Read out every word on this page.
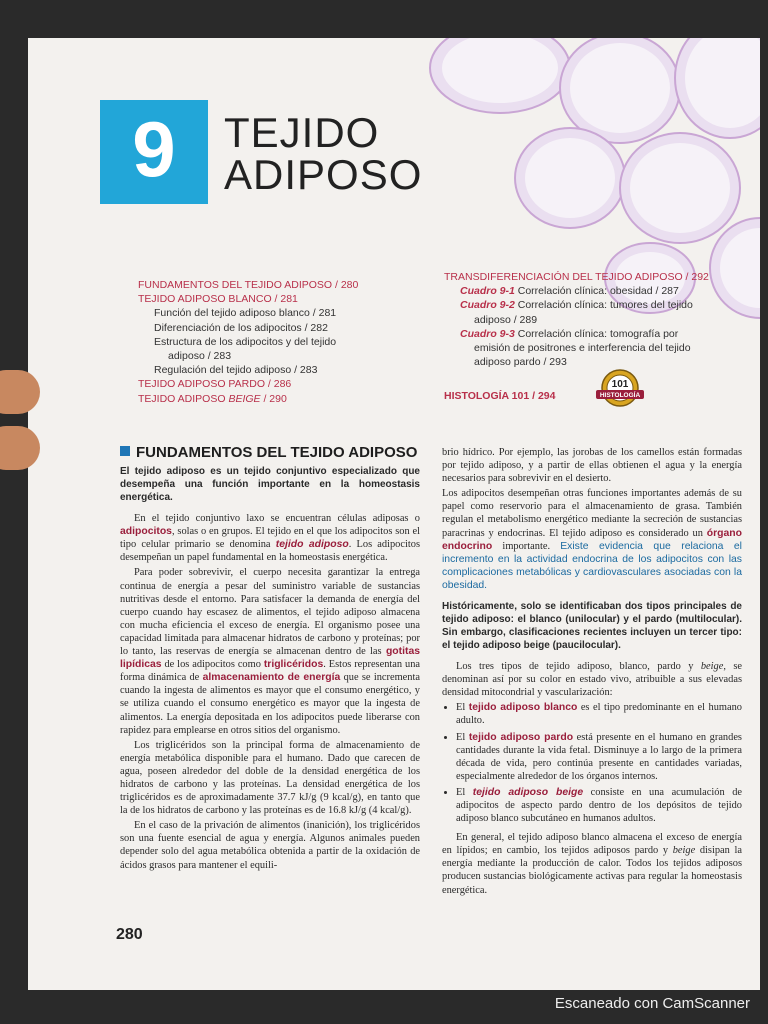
9	TEJIDO
ADIPOSO
FUNDAMENTOS DEL TEJIDO ADIPOSO / 280
TEJIDO ADIPOSO BLANCO / 281
Función del tejido adiposo blanco / 281
Diferenciación de los adipocitos / 282
Estructura de los adipocitos y del tejido
adiposo / 283
Regulación del tejido adiposo / 283
TEJIDO ADIPOSO PARDO / 286
TEJIDO ADIPOSO BEIGE / 290
TRANSDIFERENCIACIÓN DEL TEJIDO ADIPOSO / 292
Cuadro 9-1 Correlación clínica: obesidad / 287
Cuadro 9-2 Correlación clínica: tumores del tejido
adiposo / 289
Cuadro 9-3 Correlación clínica: tomografía por
emisión de positrones e interferencia del tejido
adiposo pardo / 293
HISTOLOGÍA 101 / 294
101
HISTOLOGÍA
FUNDAMENTOS DEL TEJIDO ADIPOSO
El tejido adiposo es un tejido conjuntivo especializado que desempeña una función importante en la homeostasis energética.

En el tejido conjuntivo laxo se encuentran células adiposas o adipocitos, solas o en grupos. El tejido en el que los adipocitos son el tipo celular primario se denomina tejido adiposo. Los adipocitos desempeñan un papel fundamental en la homeostasis energética.

Para poder sobrevivir, el cuerpo necesita garantizar la entrega continua de energía a pesar del suministro variable de sustancias nutritivas desde el entorno. Para satisfacer la demanda de energía del cuerpo cuando hay escasez de alimentos, el tejido adiposo almacena con mucha eficiencia el exceso de energía. El organismo posee una capacidad limitada para almacenar hidratos de carbono y proteínas; por lo tanto, las reservas de energía se almacenan dentro de las gotitas lipídicas de los adipocitos como triglicéridos. Estos representan una forma dinámica de almacenamiento de energía que se incrementa cuando la ingesta de alimentos es mayor que el consumo energético, y se utiliza cuando el consumo energético es mayor que la ingesta de alimentos. La energía depositada en los adipocitos puede liberarse con rapidez para emplearse en otros sitios del organismo.

Los triglicéridos son la principal forma de almacenamiento de energía metabólica disponible para el humano. Dado que carecen de agua, poseen alrededor del doble de la densidad energética de los hidratos de carbono y las proteínas. La densidad energética de los triglicéridos es de aproximadamente 37.7 kJ/g (9 kcal/g), en tanto que la de los hidratos de carbono y las proteínas es de 16.8 kJ/g (4 kcal/g).

En el caso de la privación de alimentos (inanición), los triglicéridos son una fuente esencial de agua y energía. Algunos animales pueden depender solo del agua metabólica obtenida a partir de la oxidación de ácidos grasos para mantener el equili-

brio hídrico. Por ejemplo, las jorobas de los camellos están formadas por tejido adiposo, y a partir de ellas obtienen el agua y la energía necesarios para sobrevivir en el desierto.

Los adipocitos desempeñan otras funciones importantes además de su papel como reservorio para el almacenamiento de grasa. También regulan el metabolismo energético mediante la secreción de sustancias paracrinas y endocrinas. El tejido adiposo es considerado un órgano endocrino importante. Existe evidencia que relaciona el incremento en la actividad endocrina de los adipocitos con las complicaciones metabólicas y cardiovasculares asociadas con la obesidad.

Históricamente, solo se identificaban dos tipos principales de tejido adiposo: el blanco (unilocular) y el pardo (multilocular). Sin embargo, clasificaciones recientes incluyen un tercer tipo: el tejido adiposo beige (paucilocular).

Los tres tipos de tejido adiposo, blanco, pardo y beige, se denominan así por su color en estado vivo, atribuible a sus elevadas densidad mitocondrial y vascularización:

• El tejido adiposo blanco es el tipo predominante en el humano adulto.
• El tejido adiposo pardo está presente en el humano en grandes cantidades durante la vida fetal. Disminuye a lo largo de la primera década de vida, pero continúa presente en cantidades variadas, especialmente alrededor de los órganos internos.
• El tejido adiposo beige consiste en una acumulación de adipocitos de aspecto pardo dentro de los depósitos de tejido adiposo blanco subcutáneo en humanos adultos.

En general, el tejido adiposo blanco almacena el exceso de energía en lípidos; en cambio, los tejidos adiposos pardo y beige disipan la energía mediante la producción de calor. Todos los tejidos adiposos producen sustancias biológicamente activas para regular la homeostasis energética.

280
Escaneado con CamScanner
